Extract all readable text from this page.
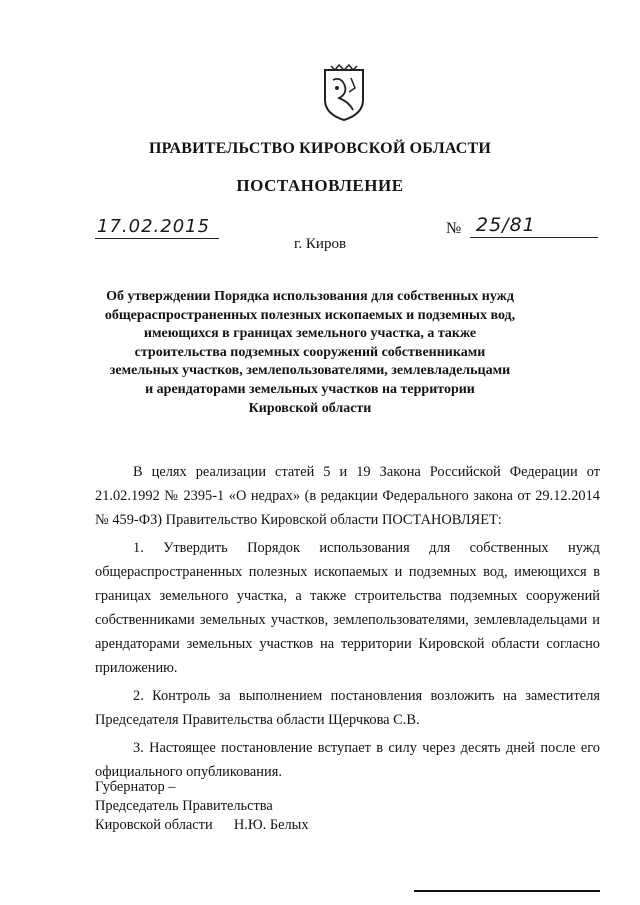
ПРАВИТЕЛЬСТВО КИРОВСКОЙ ОБЛАСТИ
ПОСТАНОВЛЕНИЕ
17.02.2015	№ 25/81
г. Киров
Об утверждении Порядка использования для собственных нужд
общераспространенных полезных ископаемых и подземных вод,
имеющихся в границах земельного участка, а также
строительства подземных сооружений собственниками
земельных участков, землепользователями, землевладельцами
и арендаторами земельных участков на территории
Кировской области

В целях реализации статей 5 и 19 Закона Российской Федерации от 21.02.1992 № 2395-1 «О недрах» (в редакции Федерального закона от 29.12.2014 № 459-ФЗ) Правительство Кировской области ПОСТАНОВЛЯЕТ:

1. Утвердить Порядок использования для собственных нужд общераспространенных полезных ископаемых и подземных вод, имеющихся в границах земельного участка, а также строительства подземных сооружений собственниками земельных участков, землепользователями, землевладельцами и арендаторами земельных участков на территории Кировской области согласно приложению.

2. Контроль за выполнением постановления возложить на заместителя Председателя Правительства области Щерчкова С.В.

3. Настоящее постановление вступает в силу через десять дней после его официального опубликования.

Губернатор –
Председатель Правительства
Кировской области Н.Ю. Белых
